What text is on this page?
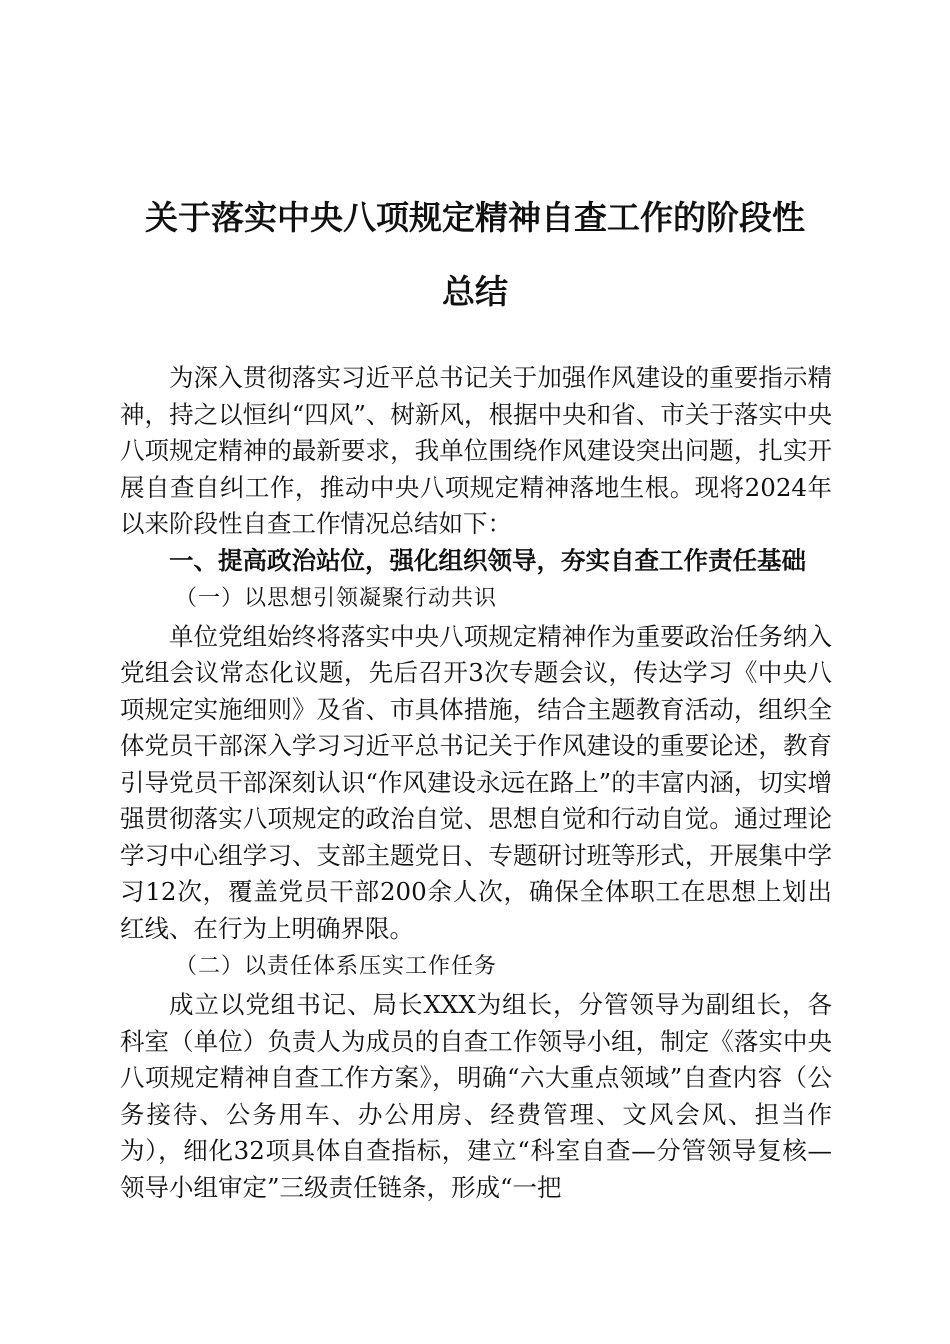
关于落实中央八项规定精神自查工作的阶段性
总结

为深入贯彻落实习近平总书记关于加强作风建设的重要指示精神，持之以恒纠“四风”、树新风，根据中央和省、市关于落实中央八项规定精神的最新要求，我单位围绕作风建设突出问题，扎实开展自查自纠工作，推动中央八项规定精神落地生根。现将2024年以来阶段性自查工作情况总结如下：

一、提高政治站位，强化组织领导，夯实自查工作责任基础

（一）以思想引领凝聚行动共识

单位党组始终将落实中央八项规定精神作为重要政治任务纳入党组会议常态化议题，先后召开3次专题会议，传达学习《中央八项规定实施细则》及省、市具体措施，结合主题教育活动，组织全体党员干部深入学习习近平总书记关于作风建设的重要论述，教育引导党员干部深刻认识“作风建设永远在路上”的丰富内涵，切实增强贯彻落实八项规定的政治自觉、思想自觉和行动自觉。通过理论学习中心组学习、支部主题党日、专题研讨班等形式，开展集中学习12次，覆盖党员干部200余人次，确保全体职工在思想上划出红线、在行为上明确界限。

（二）以责任体系压实工作任务

成立以党组书记、局长XXX为组长，分管领导为副组长，各科室（单位）负责人为成员的自查工作领导小组，制定《落实中央八项规定精神自查工作方案》，明确“六大重点领域”自查内容（公务接待、公务用车、办公用房、经费管理、文风会风、担当作为），细化32项具体自查指标，建立“科室自查—分管领导复核—领导小组审定”三级责任链条，形成“一把
